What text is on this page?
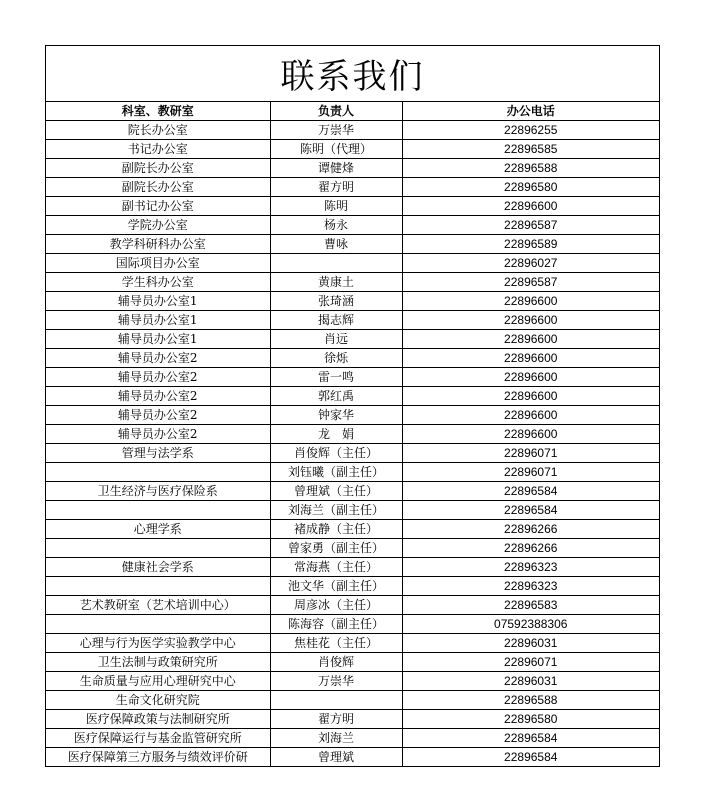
联系我们
科室、教研室	负责人	办公电话
院长办公室	万崇华	22896255
书记办公室	陈明（代理）	22896585
副院长办公室	谭健烽	22896588
副院长办公室	翟方明	22896580
副书记办公室	陈明	22896600
学院办公室	杨永	22896587
教学科研科办公室	曹咏	22896589
国际项目办公室		22896027
学生科办公室	黄康土	22896587
辅导员办公室1	张琦涵	22896600
辅导员办公室1	揭志辉	22896600
辅导员办公室1	肖远	22896600
辅导员办公室2	徐烁	22896600
辅导员办公室2	雷一鸣	22896600
辅导员办公室2	郭红禹	22896600
辅导员办公室2	钟家华	22896600
辅导员办公室2	龙　娟	22896600
管理与法学系	肖俊辉（主任）	22896071
	刘钰曦（副主任）	22896071
卫生经济与医疗保险系	曾理斌（主任）	22896584
	刘海兰（副主任）	22896584
心理学系	褚成静（主任）	22896266
	曾家勇（副主任）	22896266
健康社会学系	常海燕（主任）	22896323
	池文华（副主任）	22896323
艺术教研室（艺术培训中心）	周彦冰（主任）	22896583
	陈海容（副主任）	07592388306
心理与行为医学实验教学中心	焦桂花（主任）	22896031
卫生法制与政策研究所	肖俊辉	22896071
生命质量与应用心理研究中心	万崇华	22896031
生命文化研究院		22896588
医疗保障政策与法制研究所	翟方明	22896580
医疗保障运行与基金监管研究所	刘海兰	22896584
医疗保障第三方服务与绩效评价研	曾理斌	22896584
